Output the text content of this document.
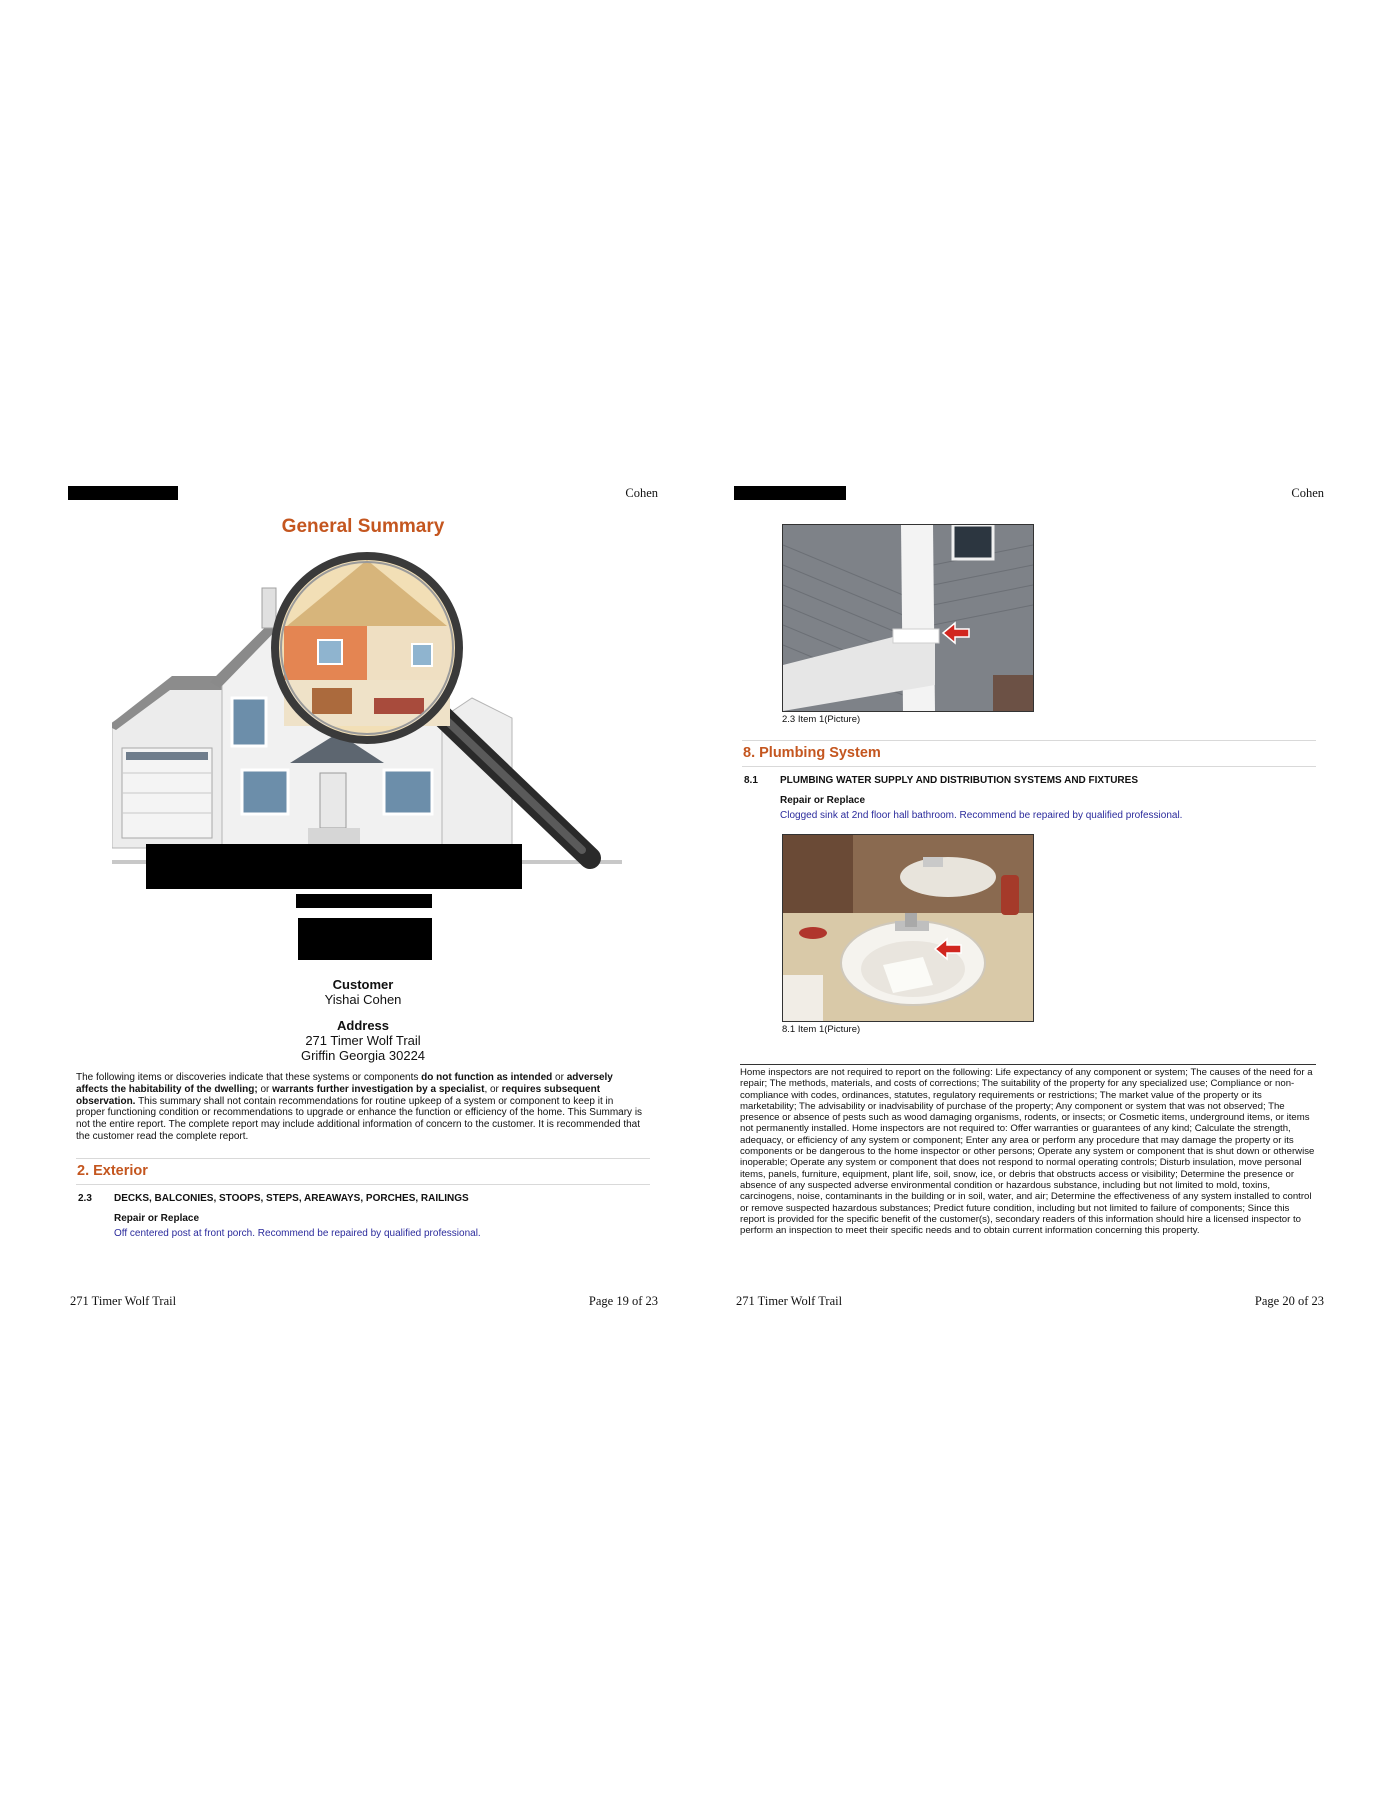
Cohen
General Summary
Customer
Yishai Cohen
Address
271 Timer Wolf Trail
Griffin Georgia 30224
The following items or discoveries indicate that these systems or components do not function as intended or adversely affects the habitability of the dwelling; or warrants further investigation by a specialist, or requires subsequent observation. This summary shall not contain recommendations for routine upkeep of a system or component to keep it in proper functioning condition or recommendations to upgrade or enhance the function or efficiency of the home. This Summary is not the entire report. The complete report may include additional information of concern to the customer. It is recommended that the customer read the complete report.
2. Exterior
2.3 DECKS, BALCONIES, STOOPS, STEPS, AREAWAYS, PORCHES, RAILINGS
Repair or Replace
Off centered post at front porch. Recommend be repaired by qualified professional.
271 Timer Wolf Trail	Page 19 of 23
Cohen
2.3 Item 1(Picture)
8. Plumbing System
8.1 PLUMBING WATER SUPPLY AND DISTRIBUTION SYSTEMS AND FIXTURES
Repair or Replace
Clogged sink at 2nd floor hall bathroom. Recommend be repaired by qualified professional.
8.1 Item 1(Picture)
Home inspectors are not required to report on the following: Life expectancy of any component or system; The causes of the need for a repair; The methods, materials, and costs of corrections; The suitability of the property for any specialized use; Compliance or non-compliance with codes, ordinances, statutes, regulatory requirements or restrictions; The market value of the property or its marketability; The advisability or inadvisability of purchase of the property; Any component or system that was not observed; The presence or absence of pests such as wood damaging organisms, rodents, or insects; or Cosmetic items, underground items, or items not permanently installed. Home inspectors are not required to: Offer warranties or guarantees of any kind; Calculate the strength, adequacy, or efficiency of any system or component; Enter any area or perform any procedure that may damage the property or its components or be dangerous to the home inspector or other persons; Operate any system or component that is shut down or otherwise inoperable; Operate any system or component that does not respond to normal operating controls; Disturb insulation, move personal items, panels, furniture, equipment, plant life, soil, snow, ice, or debris that obstructs access or visibility; Determine the presence or absence of any suspected adverse environmental condition or hazardous substance, including but not limited to mold, toxins, carcinogens, noise, contaminants in the building or in soil, water, and air; Determine the effectiveness of any system installed to control or remove suspected hazardous substances; Predict future condition, including but not limited to failure of components; Since this report is provided for the specific benefit of the customer(s), secondary readers of this information should hire a licensed inspector to perform an inspection to meet their specific needs and to obtain current information concerning this property.
271 Timer Wolf Trail	Page 20 of 23
